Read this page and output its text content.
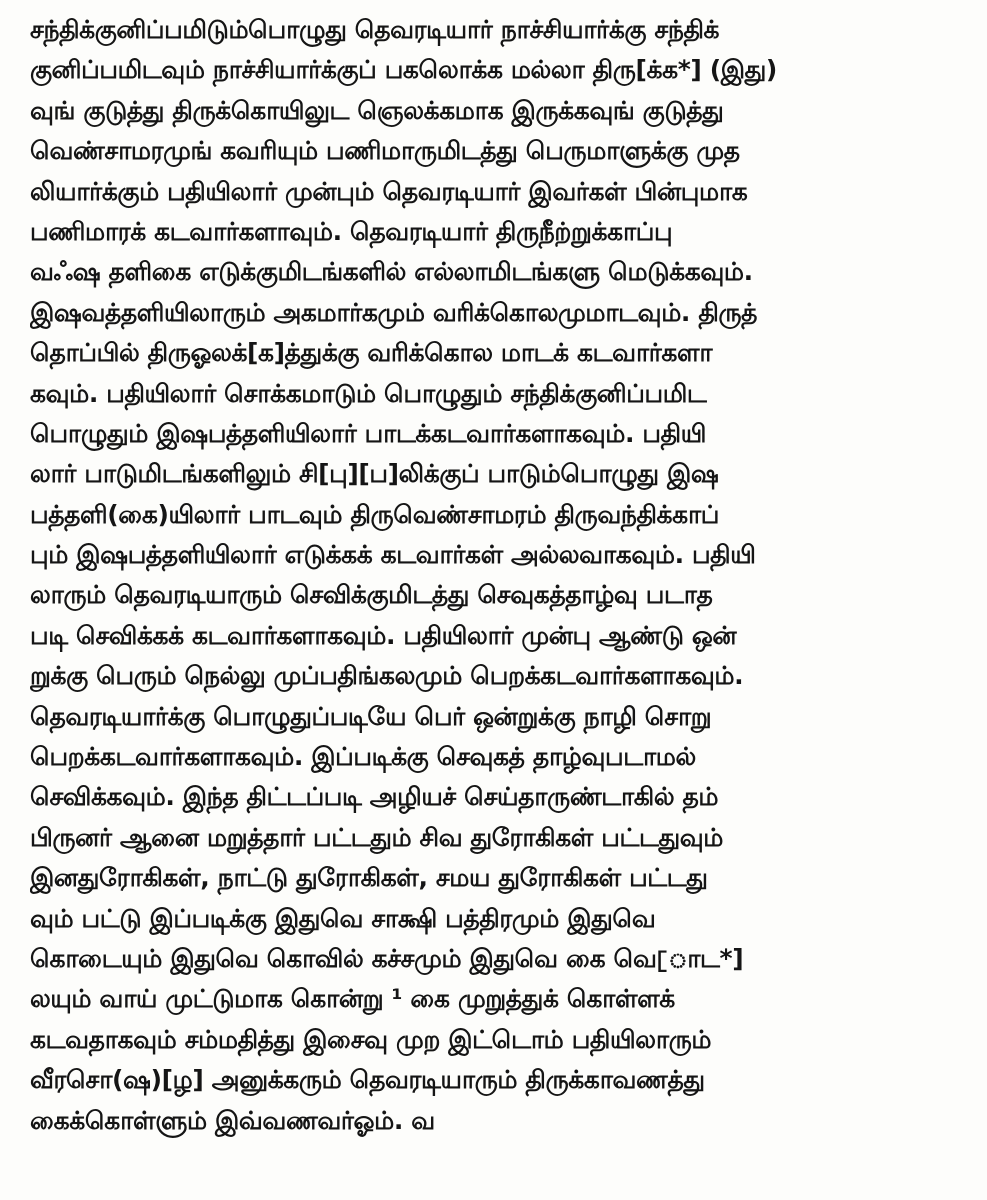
சந்திக்குனிப்பமிடும்பொழுது தெவரடியார் நாச்சியார்க்கு சந்திக்
குனிப்பமிடவும் நாச்சியார்க்குப் பகலொக்க மல்லா திரு[க்க*] (இது)
வுங் குடுத்து திருக்கொயிலுட ஞெலக்கமாக இருக்கவுங் குடுத்து
வெண்சாமரமுங் கவரியும் பணிமாருமிடத்து பெருமாளுக்கு முத
லியார்க்கும் பதியிலார் முன்பும் தெவரடியார் இவர்கள் பின்புமாக
பணிமாரக் கடவார்களாவும். தெவரடியார் திருநீற்றுக்காப்பு
வஃஷ தளிகை எடுக்குமிடங்களில் எல்லாமிடங்களு மெடுக்கவும்.
இஷவத்தளியிலாரும் அகமார்கமும் வரிக்கொலமுமாடவும். திருத்
தொப்பில் திருஓலக்[க]த்துக்கு வரிக்கொல மாடக் கடவார்களா
கவும். பதியிலார் சொக்கமாடும் பொழுதும் சந்திக்குனிப்பமிட
பொழுதும் இஷபத்தளியிலார் பாடக்கடவார்களாகவும். பதியி
லார் பாடுமிடங்களிலும் சி[பு][ப]லிக்குப் பாடும்பொழுது இஷ
பத்தளி(கை)யிலார் பாடவும் திருவெண்சாமரம் திருவந்திக்காப்
பும் இஷபத்தளியிலார் எடுக்கக் கடவார்கள் அல்லவாகவும். பதியி
லாரும் தெவரடியாரும் செவிக்குமிடத்து செவுகத்தாழ்வு படாத
படி செவிக்கக் கடவார்களாகவும். பதியிலார் முன்பு ஆண்டு ஒன்
றுக்கு பெரும் நெல்லு முப்பதிங்கலமும் பெறக்கடவார்களாகவும்.
தெவரடியார்க்கு பொழுதுப்படியே பெர் ஒன்றுக்கு நாழி சொறு
பெறக்கடவார்களாகவும். இப்படிக்கு செவுகத் தாழ்வுபடாமல்
செவிக்கவும். இந்த திட்டப்படி அழியச் செய்தாருண்டாகில் தம்
பிருனர் ஆனை மறுத்தார் பட்டதும் சிவ துரோகிகள் பட்டதுவும்
இனதுரோகிகள், நாட்டு துரோகிகள், சமய துரோகிகள் பட்டது
வும் பட்டு இப்படிக்கு இதுவெ சாக்ஷி பத்திரமும் இதுவெ
கொடையும் இதுவெ கொவில் கச்சமும் இதுவெ கை வெ[ாட*]
லயும் வாய் முட்டுமாக கொன்று ¹ கை முறுத்துக் கொள்ளக்
கடவதாகவும் சம்மதித்து இசைவு முற இட்டொம் பதியிலாரும்
வீரசொ(ஷ)[ழ] அனுக்கரும் தெவரடியாரும் திருக்காவணத்து
கைக்கொள்ளும் இவ்வணவர்ஓம். வ
